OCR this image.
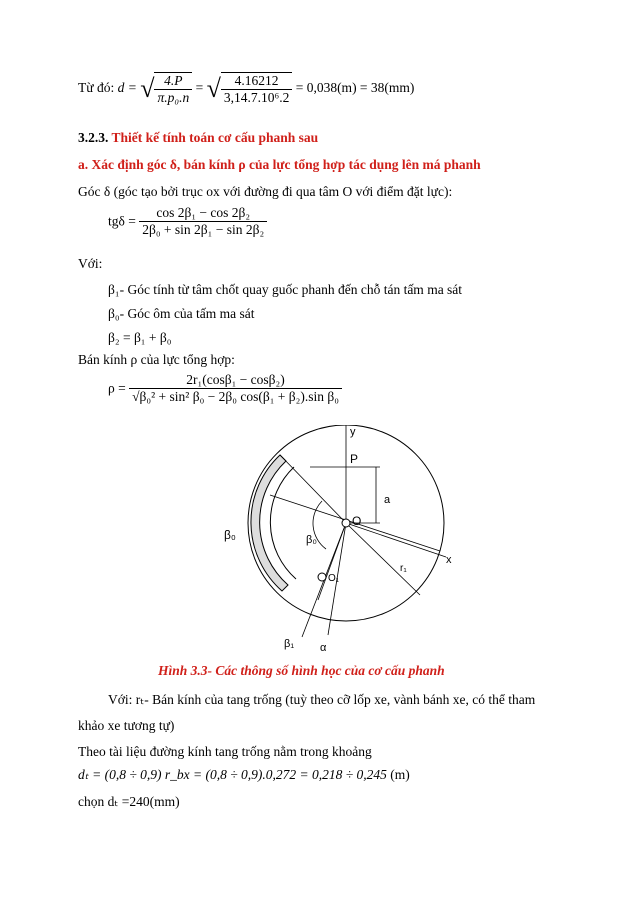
Từ đó: d = √ $\frac{4.P}{\text{π.p₀.n}}$ = √ $\frac{4.16212}{\text{3,14.7.10⁶.2}} = 0,038(m) = 38(mm)$
3.2.3. Thiết kế tính toán cơ cấu phanh sau
a. Xác định góc δ, bán kính ρ của lực tổng hợp tác dụng lên má phanh
Góc δ (góc tạo bởi trục ox với đường đi qua tâm O với điểm đặt lực):
$tg\delta = \frac{\text{cos 2β₁ − cos 2β₂}}{\text{2β₀ + sin 2β₁ − sin 2β₂}}$
Với:
β₁- Góc tính từ tâm chốt quay guốc phanh đến chỗ tán tấm ma sát
β₀- Góc ôm của tấm ma sát
β₂ = β₁ + β₀
Bán kính ρ của lực tổng hợp:
$\rho = \frac{\text{2r₁(cosβ₁ − cosβ₂)}}{\text{√β₀² + sin² β₀ − 2β₀ cos(β₁ + β₂).sin β₀}}$
y
P
a
O
x
r₁
β₀	β₀
O₁
β₁ α
Hình 3.3- Các thông số hình học của cơ cấu phanh
Với: rₜ- Bán kính của tang trống (tuỳ theo cỡ lốp xe, vành bánh xe, có thể tham
khảo xe tương tự)
Theo tài liệu đường kính tang trống nằm trong khoảng
dₜ = (0,8 ÷ 0,9) r_bx = (0,8 ÷ 0,9).0,272 = 0,218 ÷ 0,245 (m)
chọn dₜ =240(mm)
